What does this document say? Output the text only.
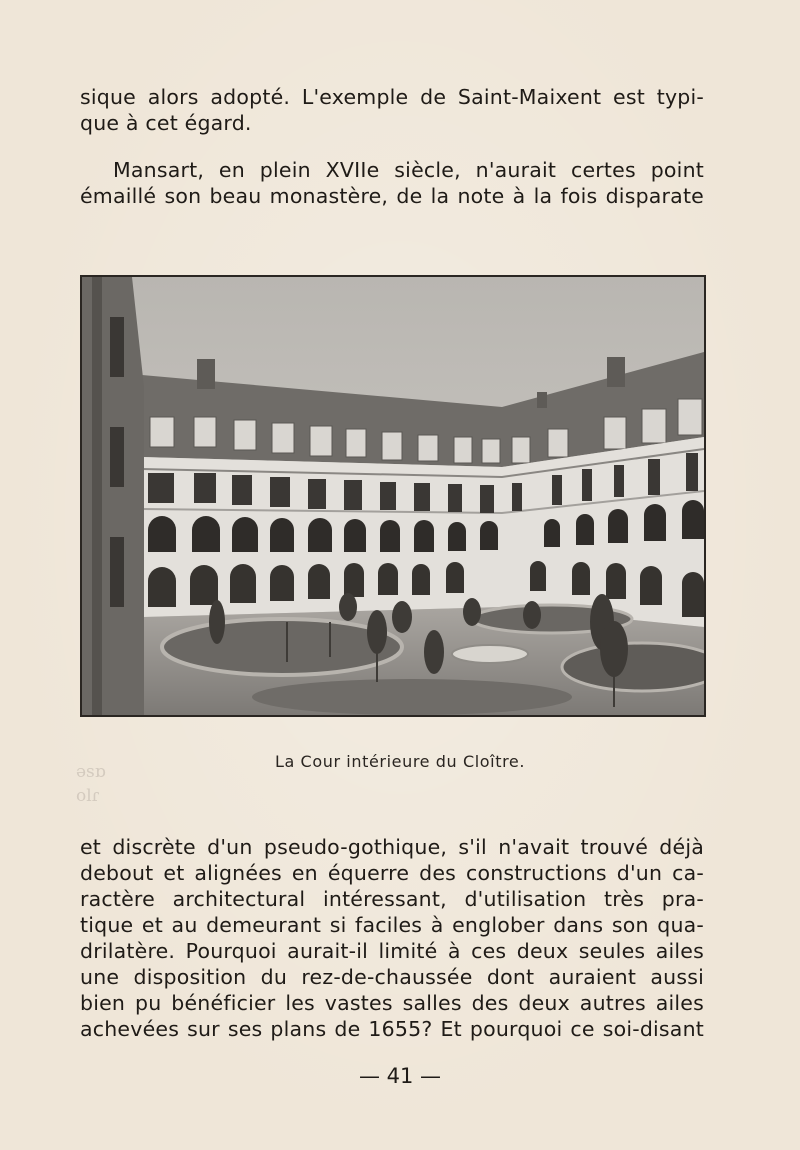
sique alors adopté. L'exemple de Saint-Maixent est typi-
que à cet égard.

Mansart, en plein XVIIe siècle, n'aurait certes point
émaillé son beau monastère, de la note à la fois disparate

əsɒ
olɾ
La Cour intérieure du Cloître.

et discrète d'un pseudo-gothique, s'il n'avait trouvé déjà
debout et alignées en équerre des constructions d'un ca-
ractère architectural intéressant, d'utilisation très pra-
tique et au demeurant si faciles à englober dans son qua-
drilatère. Pourquoi aurait-il limité à ces deux seules ailes
une disposition du rez-de-chaussée dont auraient aussi
bien pu bénéficier les vastes salles des deux autres ailes
achevées sur ses plans de 1655? Et pourquoi ce soi-disant

— 41 —
